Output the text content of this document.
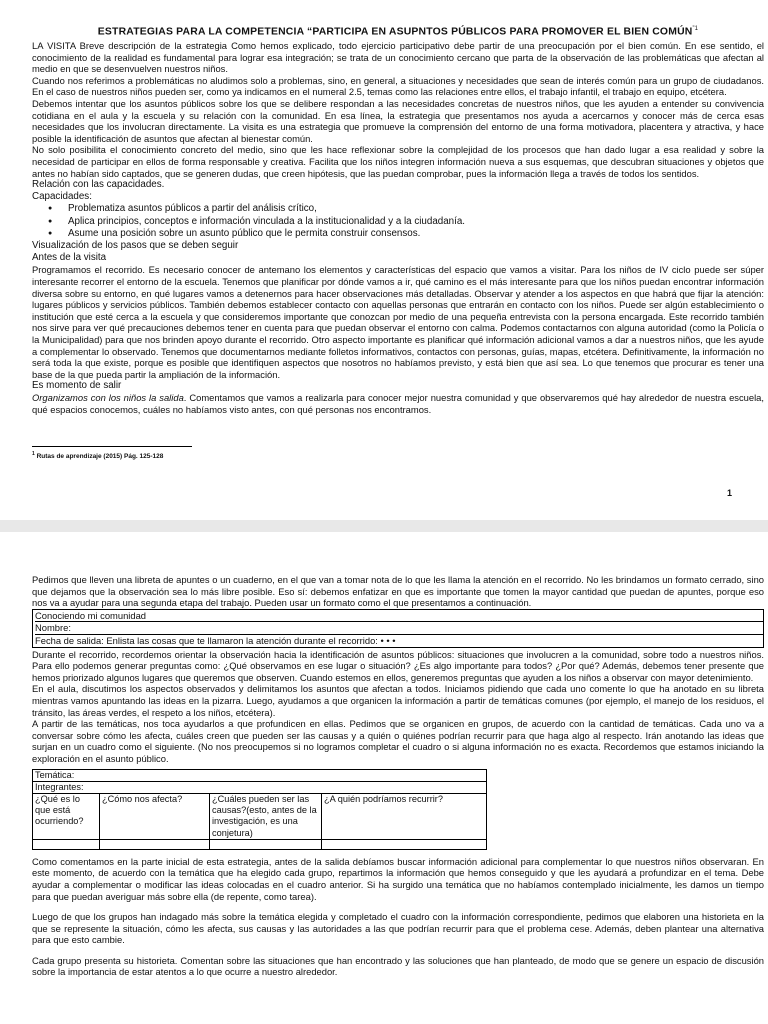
ESTRATEGIAS PARA LA COMPETENCIA “PARTICIPA EN ASUPNTOS PÚBLICOS PARA PROMOVER EL BIEN $COMÚN^{”1}$

LA VISITA Breve descripción de la estrategia Como hemos explicado, todo ejercicio participativo debe partir de una preocupación por el bien común. En ese sentido, el conocimiento de la realidad es fundamental para lograr esa integración; se trata de un conocimiento cercano que parta de la observación de las problemáticas que afectan al medio en que se desenvuelven nuestros niños.

Cuando nos referimos a problemáticas no aludimos solo a problemas, sino, en general, a situaciones y necesidades que sean de interés común para un grupo de ciudadanos. En el caso de nuestros niños pueden ser, como ya indicamos en el numeral 2.5, temas como las relaciones entre ellos, el trabajo infantil, el trabajo en equipo, etcétera.

Debemos intentar que los asuntos públicos sobre los que se delibere respondan a las necesidades concretas de nuestros niños, que les ayuden a entender su convivencia cotidiana en el aula y la escuela y su relación con la comunidad. En esa línea, la estrategia que presentamos nos ayuda a acercarnos y conocer más de cerca esas necesidades que los involucran directamente. La visita es una estrategia que promueve la comprensión del entorno de una forma motivadora, placentera y atractiva, y hace posible la identificación de asuntos que afectan al bienestar común.

No solo posibilita el conocimiento concreto del medio, sino que les hace reflexionar sobre la complejidad de los procesos que han dado lugar a esa realidad y sobre la necesidad de participar en ellos de forma responsable y creativa. Facilita que los niños integren información nueva a sus esquemas, que descubran situaciones y objetos que antes no habían sido captados, que se generen dudas, que creen hipótesis, que las puedan comprobar, pues la información llega a través de todos los sentidos.

Relación con las capacidades.

Capacidades:

● Problematiza asuntos públicos a partir del análisis crítico,
● Aplica principios, conceptos e información vinculada a la institucionalidad y a la ciudadanía.
● Asume una posición sobre un asunto público que le permita construir consensos.

Visualización de los pasos que se deben seguir

Antes de la visita

Programamos el recorrido. Es necesario conocer de antemano los elementos y características del espacio que vamos a visitar. Para los niños de IV ciclo puede ser súper interesante recorrer el entorno de la escuela. Tenemos que planificar por dónde vamos a ir, qué camino es el más interesante para que los niños puedan encontrar información diversa sobre su entorno, en qué lugares vamos a detenernos para hacer observaciones más detalladas. Observar y atender a los aspectos en que habrá que fijar la atención: lugares públicos y servicios públicos. También debemos establecer contacto con aquellas personas que entrarán en contacto con los niños. Puede ser algún establecimiento o institución que esté cerca a la escuela y que consideremos importante que conozcan por medio de una pequeña entrevista con la persona encargada. Este recorrido también nos sirve para ver qué precauciones debemos tener en cuenta para que puedan observar el entorno con calma. Podemos contactarnos con alguna autoridad (como la Policía o la Municipalidad) para que nos brinden apoyo durante el recorrido. Otro aspecto importante es planificar qué información adicional vamos a dar a nuestros niños, que les ayude a complementar lo observado. Tenemos que documentarnos mediante folletos informativos, contactos con personas, guías, mapas, etcétera. Definitivamente, la información no será toda la que existe, porque es posible que identifiquen aspectos que nosotros no habíamos previsto, y está bien que así sea. Lo que tenemos que procurar es tener una base de la que pueda partir la ampliación de la información.

Es momento de salir

Organizamos con los niños la salida. Comentamos que vamos a realizarla para conocer mejor nuestra comunidad y que observaremos qué hay alrededor de nuestra escuela, qué espacios conocemos, cuáles no habíamos visto antes, con qué personas nos encontramos.

$^1$ Rutas de aprendizaje (2015) Pág. 125-128
1

Pedimos que lleven una libreta de apuntes o un cuaderno, en el que van a tomar nota de lo que les llama la atención en el recorrido. No les brindamos un formato cerrado, sino que dejamos que la observación sea lo más libre posible. Eso sí: debemos enfatizar en que es importante que tomen la mayor cantidad que puedan de apuntes, porque eso nos va a ayudar para una segunda etapa del trabajo. Pueden usar un formato como el que presentamos a continuación.

Conociendo mi comunidad
Nombre:
Fecha de salida: Enlista las cosas que te llamaron la atención durante el recorrido: • • •

Durante el recorrido, recordemos orientar la observación hacia la identificación de asuntos públicos: situaciones que involucren a la comunidad, sobre todo a nuestros niños. Para ello podemos generar preguntas como: ¿Qué observamos en ese lugar o situación? ¿Es algo importante para todos? ¿Por qué? Además, debemos tener presente que hemos priorizado algunos lugares que queremos que observen. Cuando estemos en ellos, generemos preguntas que ayuden a los niños a observar con mayor detenimiento.

En el aula, discutimos los aspectos observados y delimitamos los asuntos que afectan a todos. Iniciamos pidiendo que cada uno comente lo que ha anotado en su libreta mientras vamos apuntando las ideas en la pizarra. Luego, ayudamos a que organicen la información a partir de temáticas comunes (por ejemplo, el manejo de los residuos, el tránsito, las áreas verdes, el respeto a los niños, etcétera).

A partir de las temáticas, nos toca ayudarlos a que profundicen en ellas. Pedimos que se organicen en grupos, de acuerdo con la cantidad de temáticas. Cada uno va a conversar sobre cómo les afecta, cuáles creen que pueden ser las causas y a quién o quiénes podrían recurrir para que haga algo al respecto. Irán anotando las ideas que surjan en un cuadro como el siguiente. (No nos preocupemos si no logramos completar el cuadro o si alguna información no es exacta. Recordemos que estamos iniciando la exploración en el asunto público.

Temática:			
Integrantes:			
¿Qué es lo que está ocurriendo?	¿Cómo nos afecta?	¿Cuáles pueden ser las causas?(esto, antes de la investigación, es una conjetura)	¿A quién podríamos recurrir?

Como comentamos en la parte inicial de esta estrategia, antes de la salida debíamos buscar información adicional para complementar lo que nuestros niños observaran. En este momento, de acuerdo con la temática que ha elegido cada grupo, repartimos la información que hemos conseguido y que les ayudará a profundizar en el tema. Debe ayudar a complementar o modificar las ideas colocadas en el cuadro anterior. Si ha surgido una temática que no habíamos contemplado inicialmente, les damos un tiempo para que puedan averiguar más sobre ella (de repente, como tarea).

Luego de que los grupos han indagado más sobre la temática elegida y completado el cuadro con la información correspondiente, pedimos que elaboren una historieta en la que se represente la situación, cómo les afecta, sus causas y las autoridades a las que podrían recurrir para que el problema cese. Además, deben plantear una alternativa para que esto cambie.

Cada grupo presenta su historieta. Comentan sobre las situaciones que han encontrado y las soluciones que han planteado, de modo que se genere un espacio de discusión sobre la importancia de estar atentos a lo que ocurre a nuestro alrededor.
